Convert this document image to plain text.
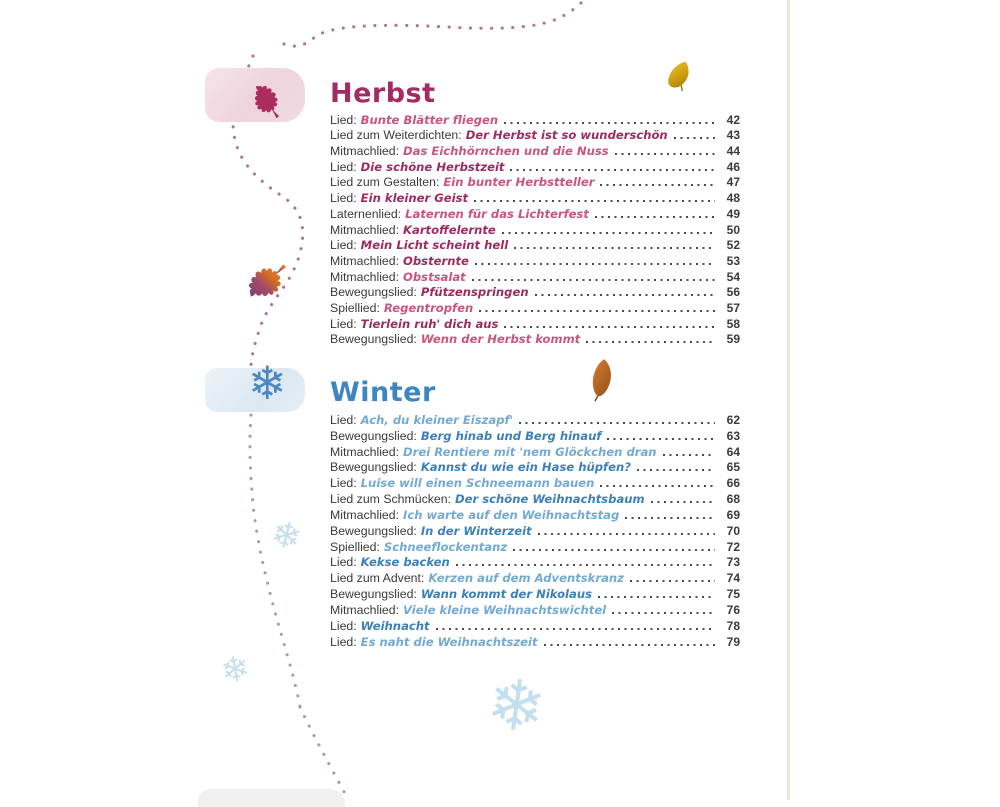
Herbst
Lied: Bunte Blätter fliegen	42
Lied zum Weiterdichten: Der Herbst ist so wunderschön	43
Mitmachlied: Das Eichhörnchen und die Nuss	44
Lied: Die schöne Herbstzeit	46
Lied zum Gestalten: Ein bunter Herbstteller	47
Lied: Ein kleiner Geist	48
Laternenlied: Laternen für das Lichterfest	49
Mitmachlied: Kartoffelernte	50
Lied: Mein Licht scheint hell	52
Mitmachlied: Obsternte	53
Mitmachlied: Obstsalat	54
Bewegungslied: Pfützenspringen	56
Spiellied: Regentropfen	57
Lied: Tierlein ruh' dich aus	58
Bewegungslied: Wenn der Herbst kommt	59
❄ Winter
Lied: Ach, du kleiner Eiszapf'	62
Bewegungslied: Berg hinab und Berg hinauf	63
Mitmachlied: Drei Rentiere mit 'nem Glöckchen dran	64
Bewegungslied: Kannst du wie ein Hase hüpfen?	65
Lied: Luise will einen Schneemann bauen	66
Lied zum Schmücken: Der schöne Weihnachtsbaum	68
Mitmachlied: Ich warte auf den Weihnachtstag	69
Bewegungslied: In der Winterzeit	70
Spiellied: Schneeflockentanz	72
Lied: Kekse backen	73
Lied zum Advent: Kerzen auf dem Adventskranz	74
Bewegungslied: Wann kommt der Nikolaus	75
Mitmachlied: Viele kleine Weihnachtswichtel	76
Lied: Weihnacht	78
Lied: Es naht die Weihnachtszeit	79
❄
❄	❄
